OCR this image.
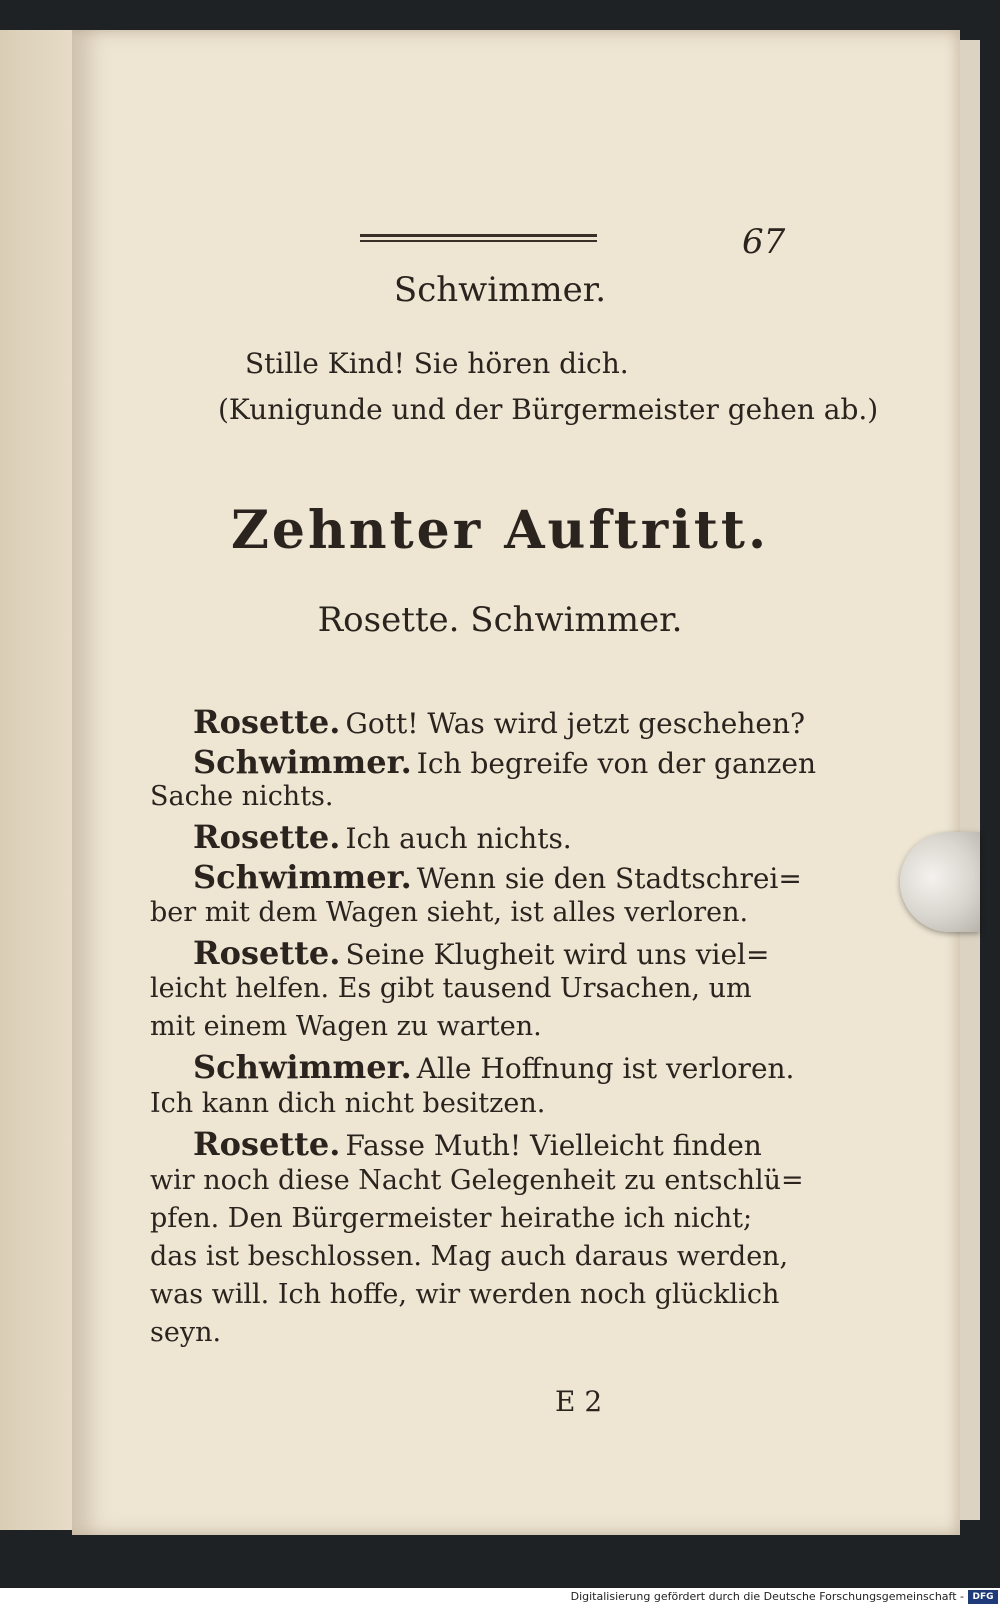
67
Schwimmer.
Stille Kind! Sie hören dich.
(Kunigunde und der Bürgermeister gehen ab.)
Zehnter Auftritt.
Rosette. Schwimmer.
Rosette. Gott! Was wird jetzt geschehen?
Schwimmer. Ich begreife von der ganzen
Sache nichts.
Rosette. Ich auch nichts.
Schwimmer. Wenn sie den Stadtschrei=
ber mit dem Wagen sieht, ist alles verloren.
Rosette. Seine Klugheit wird uns viel=
leicht helfen. Es gibt tausend Ursachen, um
mit einem Wagen zu warten.
Schwimmer. Alle Hoffnung ist verloren.
Ich kann dich nicht besitzen.
Rosette. Fasse Muth! Vielleicht finden
wir noch diese Nacht Gelegenheit zu entschlü=
pfen. Den Bürgermeister heirathe ich nicht;
das ist beschlossen. Mag auch daraus werden,
was will. Ich hoffe, wir werden noch glücklich
seyn.
E 2
Digitalisierung gefördert durch die Deutsche Forschungsgemeinschaft - DFG
